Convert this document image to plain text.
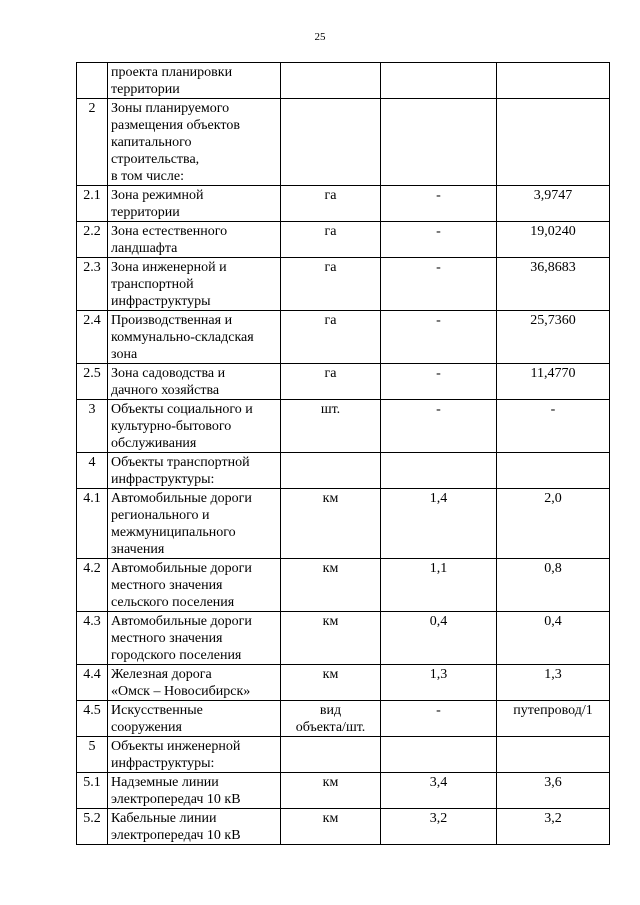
25
	проекта планировки
территории			
2	Зоны планируемого
размещения объектов
капитального
строительства,
в том числе:			
2.1	Зона режимной
территории	га	-	3,9747
2.2	Зона естественного
ландшафта	га	-	19,0240
2.3	Зона инженерной и
транспортной
инфраструктуры	га	-	36,8683
2.4	Производственная и
коммунально-складская
зона	га	-	25,7360
2.5	Зона садоводства и
дачного хозяйства	га	-	11,4770
3	Объекты социального и
культурно-бытового
обслуживания	шт.	-	-
4	Объекты транспортной
инфраструктуры:			
4.1	Автомобильные дороги
регионального и
межмуниципального
значения	км	1,4	2,0
4.2	Автомобильные дороги
местного значения
сельского поселения	км	1,1	0,8
4.3	Автомобильные дороги
местного значения
городского поселения	км	0,4	0,4
4.4	Железная дорога
«Омск – Новосибирск»	км	1,3	1,3
4.5	Искусственные
сооружения	вид
объекта/шт.	-	путепровод/1
5	Объекты инженерной
инфраструктуры:			
5.1	Надземные линии
электропередач 10 кВ	км	3,4	3,6
5.2	Кабельные линии
электропередач 10 кВ	км	3,2	3,2
